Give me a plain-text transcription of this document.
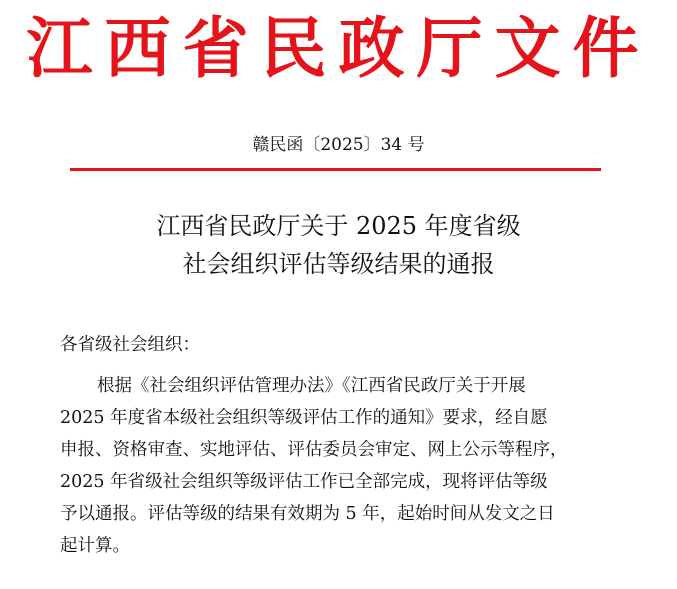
江西省民政厅文件
赣民函〔2025〕34 号
江西省民政厅关于 2025 年度省级
社会组织评估等级结果的通报
各省级社会组织：
根据《社会组织评估管理办法》《江西省民政厅关于开展
2025 年度省本级社会组织等级评估工作的通知》要求，经自愿
申报、资格审查、实地评估、评估委员会审定、网上公示等程序，
2025 年省级社会组织等级评估工作已全部完成，现将评估等级
予以通报。评估等级的结果有效期为 5 年，起始时间从发文之日
起计算。
